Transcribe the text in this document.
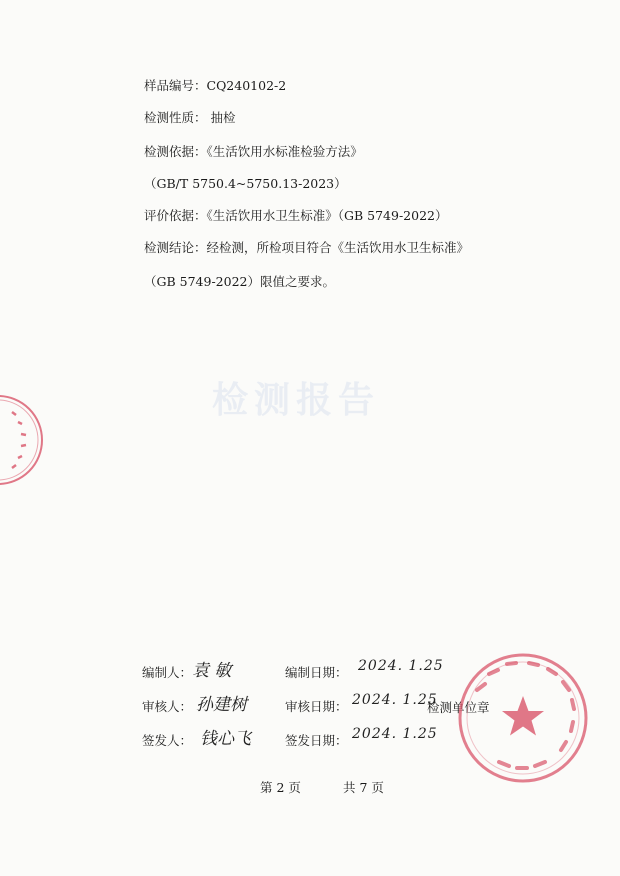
样品编号：CQ240102-2
检测性质： 抽检
检测依据：《生活饮用水标准检验方法》
（GB/T 5750.4~5750.13-2023）
评价依据：《生活饮用水卫生标准》（GB 5749-2022）
检测结论：经检测，所检项目符合《生活饮用水卫生标准》
（GB 5749-2022）限值之要求。
检测报告
编制人： 袁 敏	编制日期： 2024. 1.25
审核人： 孙建树	审核日期： 2024. 1.25
检测单位章
签发人： 钱心飞	签发日期： 2024. 1.25
第 2 页	共 7 页
